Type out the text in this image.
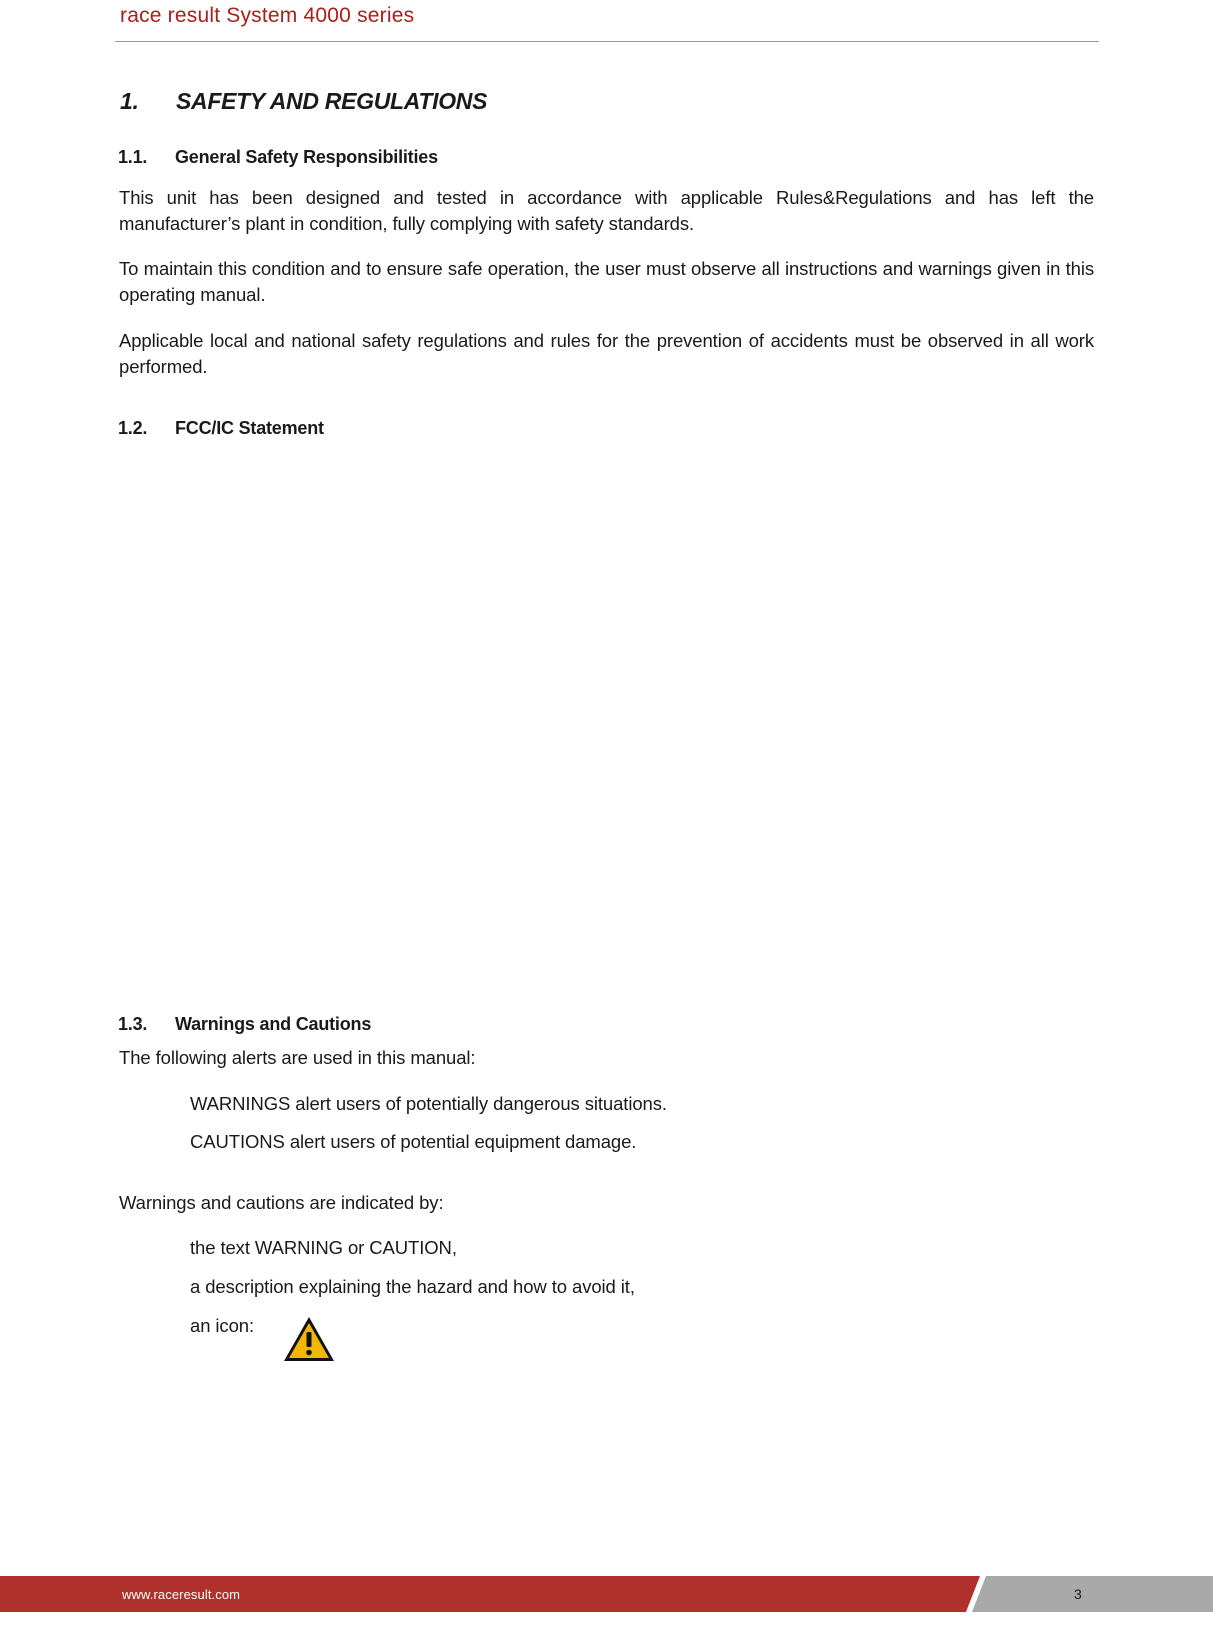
race result System 4000 series
1. SAFETY AND REGULATIONS
1.1. General Safety Responsibilities
This unit has been designed and tested in accordance with applicable Rules&Regulations and has left the manufacturer’s plant in condition, fully complying with safety standards.
To maintain this condition and to ensure safe operation, the user must observe all instructions and warnings given in this operating manual.
Applicable local and national safety regulations and rules for the prevention of accidents must be observed in all work performed.
1.2. FCC/IC Statement
1.3. Warnings and Cautions
The following alerts are used in this manual:
WARNINGS alert users of potentially dangerous situations.
CAUTIONS alert users of potential equipment damage.
Warnings and cautions are indicated by:
the text WARNING or CAUTION,
a description explaining the hazard and how to avoid it,
an icon:
www.raceresult.com	3
